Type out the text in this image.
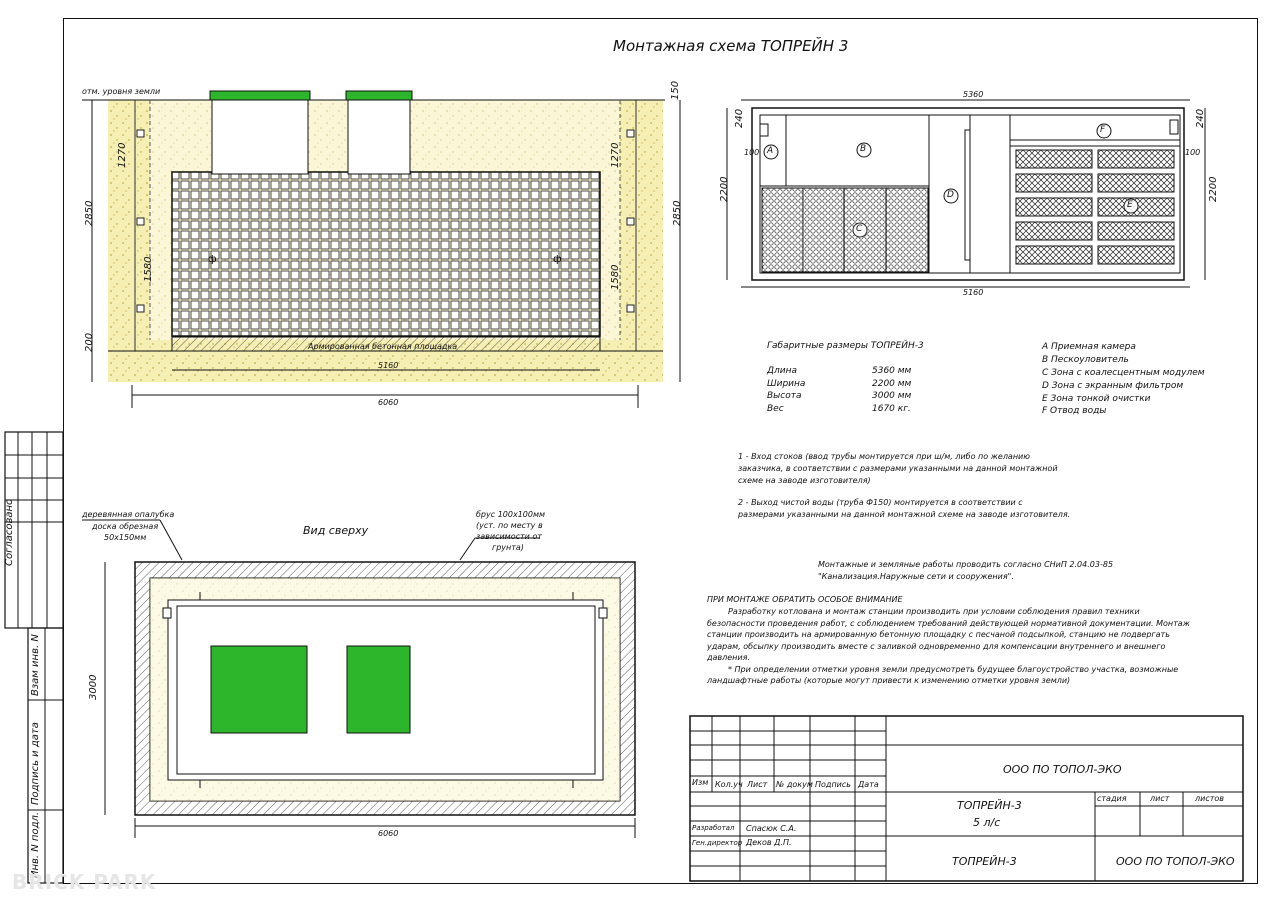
ф	ф
Монтажная схема ТОПРЕЙН 3
отм. уровня земли
Армированная бетонная площадка
5160
6060
2850	2850
1270	1270
1580	1580
150
200
5360
5160
2200	2200
240	240
100	100
A	B
C
D
E
F
Габаритные размеры ТОПРЕЙН-3
Длина	5360 мм
Ширина	2200 мм
Высота	3000 мм
Вес	1670 кг.
A Приемная камера
B Пескоуловитель
C Зона с коалесцентным модулем
D Зона с экранным фильтром
E Зона тонкой очистки
F Отвод воды
1 - Вход стоков (ввод трубы монтируется при ш/м, либо по желанию
заказчика, в соответствии с размерами указанными на данной монтажной
схеме на заводе изготовителя)
2 - Выход чистой воды (труба Ф150) монтируется в соответствии с
размерами указанными на данной монтажной схеме на заводе изготовителя.
Монтажные и земляные работы проводить согласно СНиП 2.04.03-85
"Канализация.Наружные сети и сооружения".
ПРИ МОНТАЖЕ ОБРАТИТЬ ОСОБОЕ ВНИМАНИЕ
Разработку котлована и монтаж станции производить при условии соблюдения правил техники
безопасности проведения работ, с соблюдением требований действующей нормативной документации. Монтаж
станции производить на армированную бетонную площадку с песчаной подсыпкой, станцию не подвергать
ударам, обсыпку производить вместе с заливкой одновременно для компенсации внутреннего и внешнего
давления.
* При определении отметки уровня земли предусмотреть будущее благоустройство участка, возможные
ландшафтные работы (которые могут привести к изменению отметки уровня земли)
Вид сверху
деревянная опалубка
доска обрезная
50х150мм
брус 100х100мм
(уст. по месту в
зависимости от
грунта)
3000
6060
Изм Кол.уч Лист № докум Подпись Дата
Разработал Спасюк С.А.
Ген.директор Деков Д.П.
ООО ПО ТОПОЛ-ЭКО
ТОПРЕЙН-3
5 л/с
стадия	лист	листов
ТОПРЕЙН-3	ООО ПО ТОПОЛ-ЭКО
Согласовано
Взам инв. N
Подпись и дата
Инв. N подл.
BRICK PARK
